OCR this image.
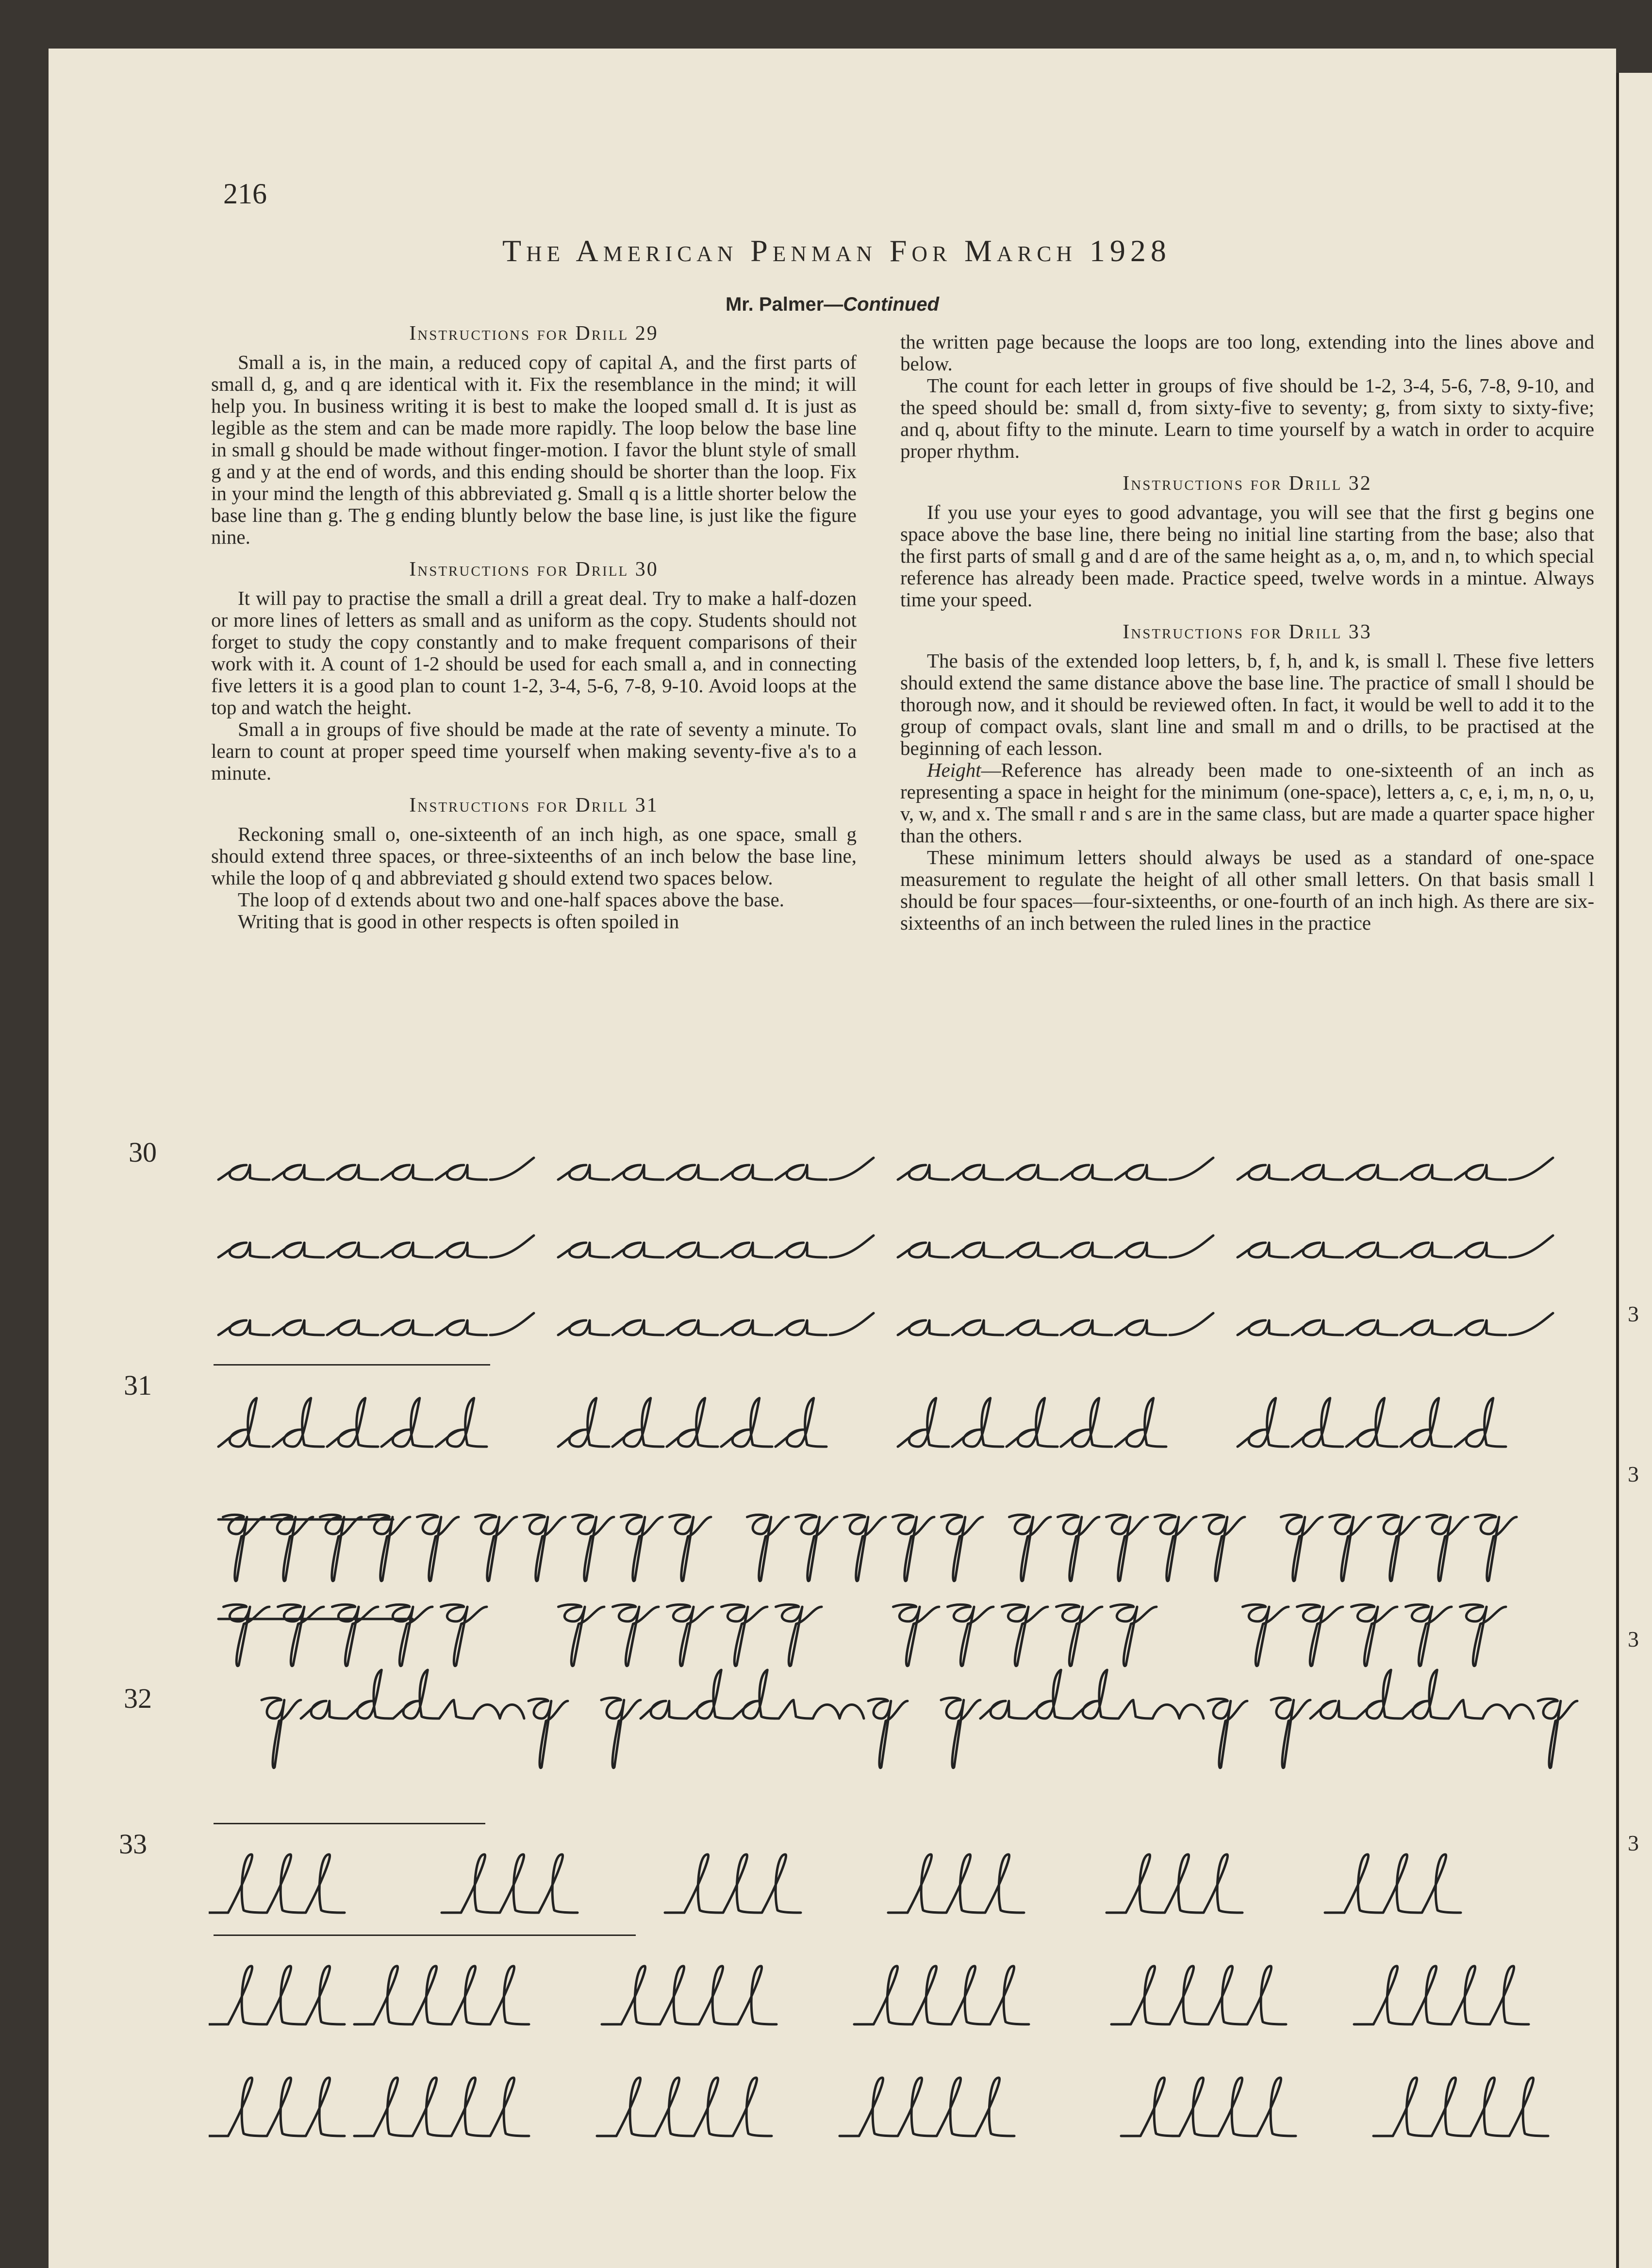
216
The American Penman For March 1928
Mr. Palmer—Continued
Instructions for Drill 29

Small a is, in the main, a reduced copy of capital A, and the first parts of small d, g, and q are identical with it. Fix the resemblance in the mind; it will help you. In business writing it is best to make the looped small d. It is just as legible as the stem and can be made more rapidly. The loop below the base line in small g should be made without finger-motion. I favor the blunt style of small g and y at the end of words, and this ending should be shorter than the loop. Fix in your mind the length of this abbreviated g. Small q is a little shorter below the base line than g. The g ending bluntly below the base line, is just like the figure nine.

Instructions for Drill 30

It will pay to practise the small a drill a great deal. Try to make a half-dozen or more lines of letters as small and as uniform as the copy. Students should not forget to study the copy constantly and to make frequent comparisons of their work with it. A count of 1-2 should be used for each small a, and in connecting five letters it is a good plan to count 1-2, 3-4, 5-6, 7-8, 9-10. Avoid loops at the top and watch the height.

Small a in groups of five should be made at the rate of seventy a minute. To learn to count at proper speed time yourself when making seventy-five a's to a minute.

Instructions for Drill 31

Reckoning small o, one-sixteenth of an inch high, as one space, small g should extend three spaces, or three-sixteenths of an inch below the base line, while the loop of q and abbreviated g should extend two spaces below.

The loop of d extends about two and one-half spaces above the base.

Writing that is good in other respects is often spoiled in

the written page because the loops are too long, extending into the lines above and below.

The count for each letter in groups of five should be 1-2, 3-4, 5-6, 7-8, 9-10, and the speed should be: small d, from sixty-five to seventy; g, from sixty to sixty-five; and q, about fifty to the minute. Learn to time yourself by a watch in order to acquire proper rhythm.

Instructions for Drill 32

If you use your eyes to good advantage, you will see that the first g begins one space above the base line, there being no initial line starting from the base; also that the first parts of small g and d are of the same height as a, o, m, and n, to which special reference has already been made. Practice speed, twelve words in a mintue. Always time your speed.

Instructions for Drill 33

The basis of the extended loop letters, b, f, h, and k, is small l. These five letters should extend the same distance above the base line. The practice of small l should be thorough now, and it should be reviewed often. In fact, it would be well to add it to the group of compact ovals, slant line and small m and o drills, to be practised at the beginning of each lesson.

Height—Reference has already been made to one-sixteenth of an inch as representing a space in height for the minimum (one-space), letters a, c, e, i, m, n, o, u, v, w, and x. The small r and s are in the same class, but are made a quarter space higher than the others.

These minimum letters should always be used as a standard of one-space measurement to regulate the height of all other small letters. On that basis small l should be four spaces—four-sixteenths, or one-fourth of an inch high. As there are six-sixteenths of an inch between the ruled lines in the practice

30
31
32
33
3
3
3
3
